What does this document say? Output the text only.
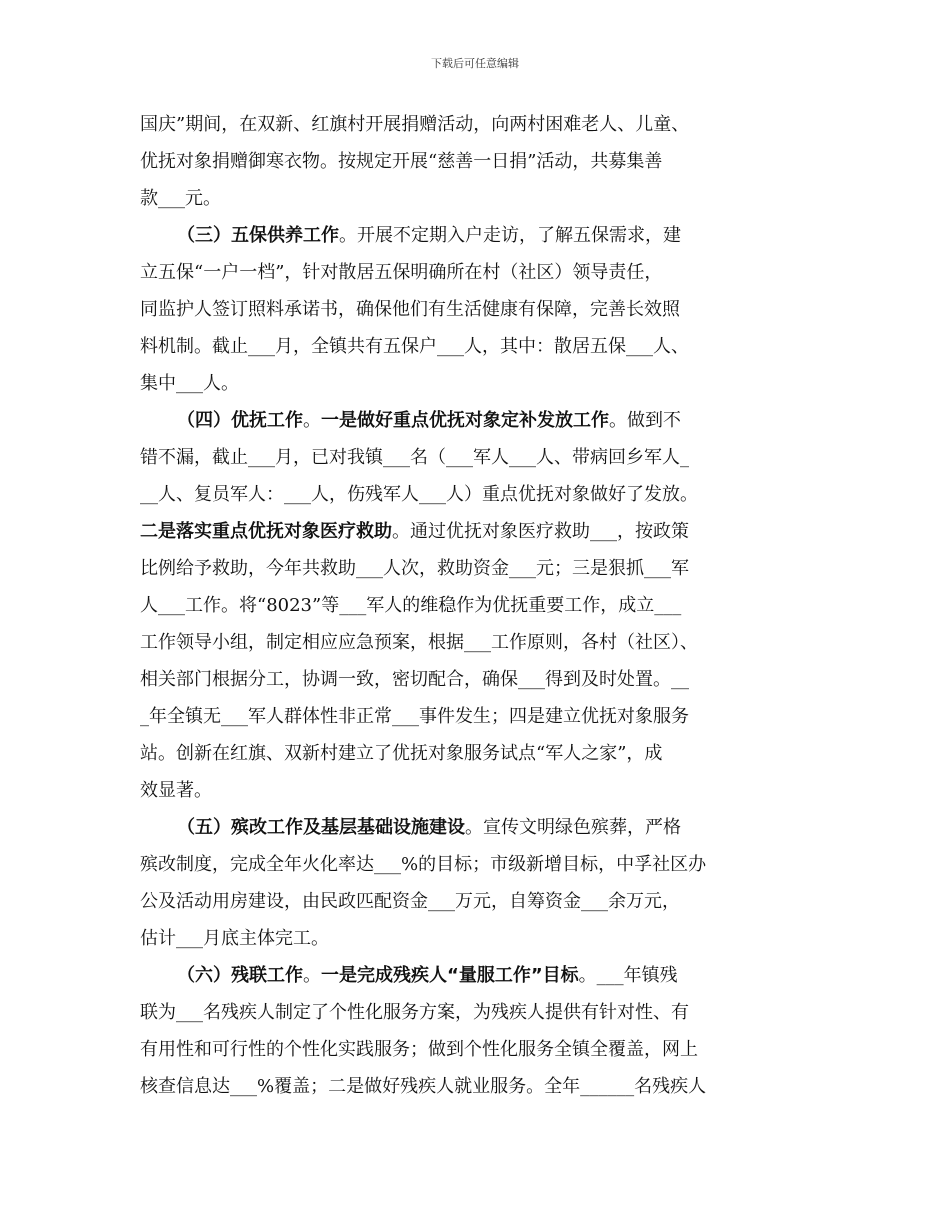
下载后可任意编辑
国庆”期间，在双新、红旗村开展捐赠活动，向两村困难老人、儿童、
优抚对象捐赠御寒衣物。按规定开展“慈善一日捐”活动，共募集善
款___元。
（三）五保供养工作。开展不定期入户走访，了解五保需求，建
立五保“一户一档”，针对散居五保明确所在村（社区）领导责任，
同监护人签订照料承诺书，确保他们有生活健康有保障，完善长效照
料机制。截止___月，全镇共有五保户___人，其中：散居五保___人、
集中___人。
（四）优抚工作。一是做好重点优抚对象定补发放工作。做到不
错不漏，截止___月，已对我镇___名（___军人___人、带病回乡军人_
__人、复员军人：___人，伤残军人___人）重点优抚对象做好了发放。
二是落实重点优抚对象医疗救助。通过优抚对象医疗救助___，按政策
比例给予救助，今年共救助___人次，救助资金___元；三是狠抓___军
人___工作。将“8023”等___军人的维稳作为优抚重要工作，成立___
工作领导小组，制定相应应急预案，根据___工作原则，各村（社区）、
相关部门根据分工，协调一致，密切配合，确保___得到及时处置。__
_年全镇无___军人群体性非正常___事件发生；四是建立优抚对象服务
站。创新在红旗、双新村建立了优抚对象服务试点“军人之家”，成
效显著。
（五）殡改工作及基层基础设施建设。宣传文明绿色殡葬，严格
殡改制度，完成全年火化率达___%的目标；市级新增目标，中孚社区办
公及活动用房建设，由民政匹配资金___万元，自筹资金___余万元，
估计___月底主体完工。
（六）残联工作。一是完成残疾人“量服工作”目标。___年镇残
联为___名残疾人制定了个性化服务方案，为残疾人提供有针对性、有
有用性和可行性的个性化实践服务；做到个性化服务全镇全覆盖，网上
核查信息达___%覆盖；二是做好残疾人就业服务。全年______名残疾人
